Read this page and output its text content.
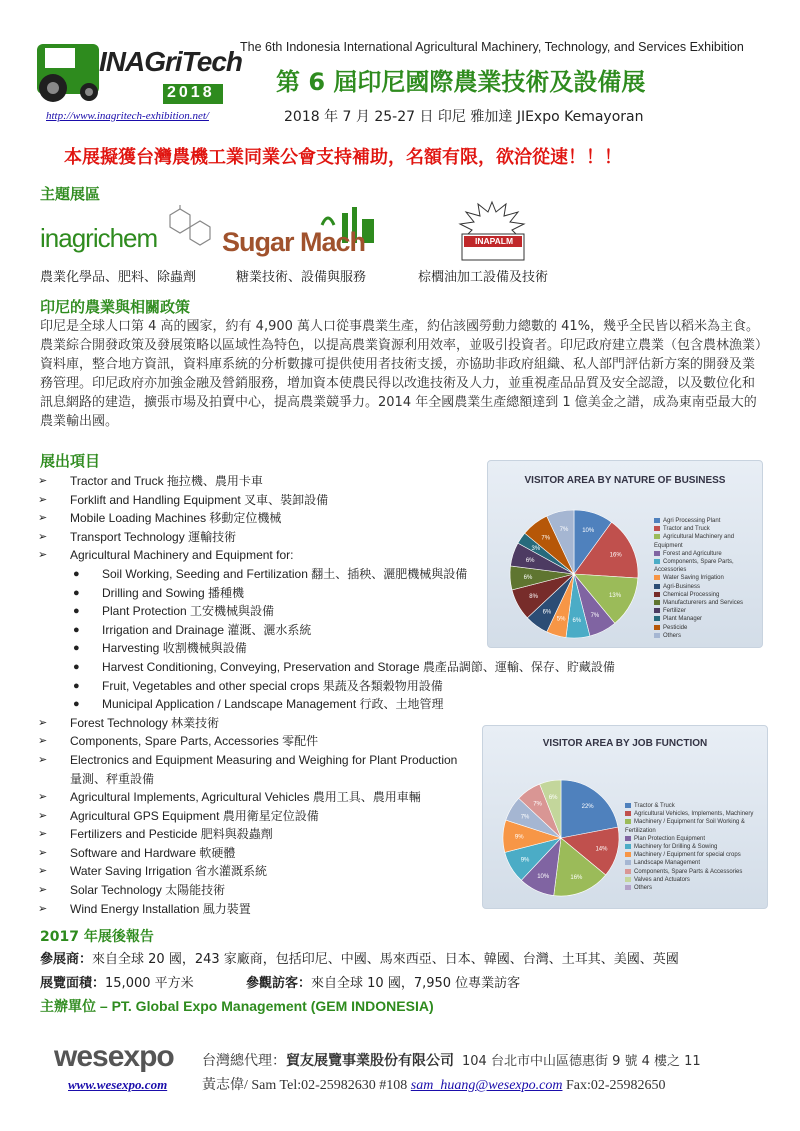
INAGriTech
2018
http://www.inagritech-exhibition.net/
The 6th Indonesia International Agricultural Machinery, Technology, and Services Exhibition
第 6 屆印尼國際農業技術及設備展
2018 年 7 月 25-27 日 印尼 雅加達 JIExpo Kemayoran
本展擬獲台灣農機工業同業公會支持補助，名額有限，欲洽從速！！！
主題展區
inagrichem Sugar Mach	INAPALM ASIA
農業化學品、肥料、除蟲劑	糖業技術、設備與服務	棕櫚油加工設備及技術
印尼的農業與相關政策

印尼是全球人口第 4 高的國家，約有 4,900 萬人口從事農業生產，約佔該國勞動力總數的 41%，幾乎全民皆以稻米為主食。農業綜合開發政策及發展策略以區域性為特色，以提高農業資源利用效率，並吸引投資者。印尼政府建立農業（包含農林漁業）資料庫，整合地方資訊，資料庫系統的分析數據可提供使用者技術支援，亦協助非政府組織、私人部門評估新方案的開發及業務管理。印尼政府亦加強金融及營銷服務，增加資本使農民得以改進技術及人力，並重視產品品質及安全認證，以及數位化和訊息網路的建造，擴張市場及拍賣中心，提高農業競爭力。2014 年全國農業生產總額達到 1 億美金之譜，成為東南亞最大的農業輸出國。

展出項目
➢ Tractor and Truck 拖拉機、農用卡車
➢ Forklift and Handling Equipment 叉車、裝卸設備
➢ Mobile Loading Machines 移動定位機械
➢ Transport Technology 運輸技術
➢ Agricultural Machinery and Equipment for:
● Soil Working, Seeding and Fertilization 翻土、插秧、灑肥機械與設備
● Drilling and Sowing 播種機
● Plant Protection 工安機械與設備
● Irrigation and Drainage 灌溉、灑水系統
● Harvesting 收割機械與設備
● Harvest Conditioning, Conveying, Preservation and Storage 農產品調節、運輸、保存、貯藏設備
● Fruit, Vegetables and other special crops 果蔬及各類穀物用設備
● Municipal Application / Landscape Management 行政、土地管理
➢ Forest Technology 林業技術
➢ Components, Spare Parts, Accessories 零配件
➢ Electronics and Equipment Measuring and Weighing for Plant Production
量測、秤重設備
➢ Agricultural Implements, Agricultural Vehicles 農用工具、農用車輛
➢ Agricultural GPS Equipment 農用衛星定位設備
➢ Fertilizers and Pesticide 肥料與殺蟲劑
➢ Software and Hardware 軟硬體
➢ Water Saving Irrigation 省水灌溉系統
➢ Solar Technology 太陽能技術
➢ Wind Energy Installation 風力裝置
VISITOR AREA BY NATURE OF BUSINESS
10%
16%
13%
7%
6%
5%
6%
8%
6%
6%
3%
7%
7%
Agri Processing Plant
Tractor and Truck
Agricultural Machinery and Equipment
Forest and Agriculture
Components, Spare Parts, Accessories
Water Saving Irrigation
Agri-Business
Chemical Processing
Manufacturerers and Services
Fertilizer
Plant Manager
Pesticide
Others
VISITOR AREA BY JOB FUNCTION
22%
14%
16%
10%
9%
9%
7%
7%
6%
Tractor & Truck
Agricultural Vehicles, Implements, Machinery
Machinery / Equipment for Soil Working & Fertilization
Plan Protection Equipment
Machinery for Drilling & Sowing
Machinery / Equipment for special crops
Landscape Management
Components, Spare Parts & Accessories
Valves and Actuators
Others
2017 年展後報告
參展商：來自全球 20 國，243 家廠商，包括印尼、中國、馬來西亞、日本、韓國、台灣、土耳其、美國、英國
展覽面積：15,000 平方米	參觀訪客：來自全球 10 國，7,950 位專業訪客
主辦單位 – PT. Global Expo Management (GEM INDONESIA)
wesexpo
www.wesexpo.com
台灣總代理：貿友展覽事業股份有限公司 104 台北市中山區德惠街 9 號 4 樓之 11
黃志偉/ Sam Tel:02-25982630 #108 sam_huang@wesexpo.com Fax:02-25982650
